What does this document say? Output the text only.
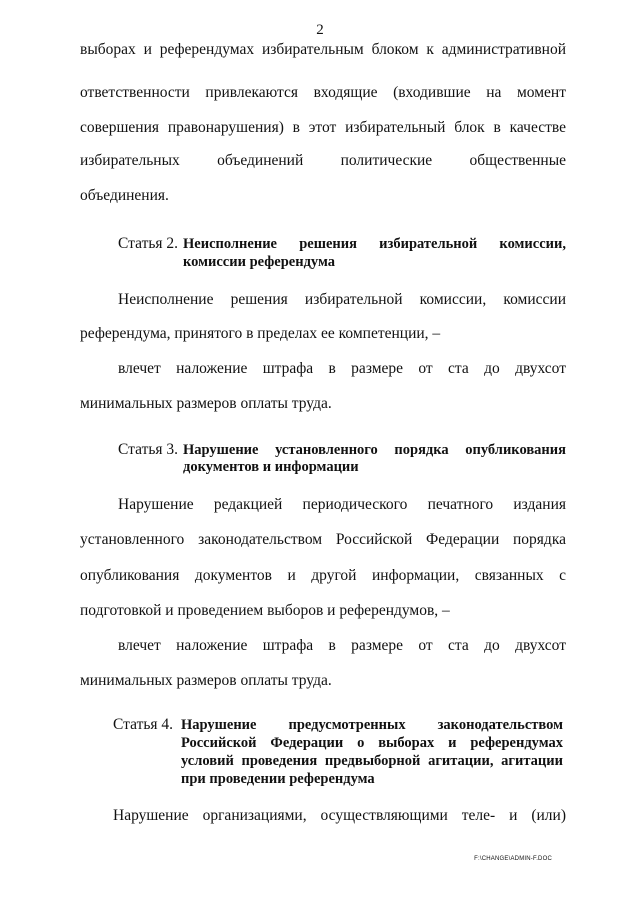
2
выборах и референдумах избирательным блоком к административной
ответственности привлекаются входящие (входившие на момент
совершения правонарушения) в этот избирательный блок в качестве
избирательных объединений политические общественные
объединения.
Статья 2. Неисполнение решения избирательной комиссии,
комиссии референдума
Неисполнение решения избирательной комиссии, комиссии
референдума, принятого в пределах ее компетенции, –
влечет наложение штрафа в размере от ста до двухсот
минимальных размеров оплаты труда.
Статья 3. Нарушение установленного порядка опубликования
документов и информации
Нарушение редакцией периодического печатного издания
установленного законодательством Российской Федерации порядка
опубликования документов и другой информации, связанных с
подготовкой и проведением выборов и референдумов, –
влечет наложение штрафа в размере от ста до двухсот
минимальных размеров оплаты труда.
Статья 4. Нарушение предусмотренных законодательством
Российской Федерации о выборах и референдумах
условий проведения предвыборной агитации, агитации
при проведении референдума
Нарушение организациями, осуществляющими теле- и (или)
F:\CHANGE\ADMIN-F.DOC
